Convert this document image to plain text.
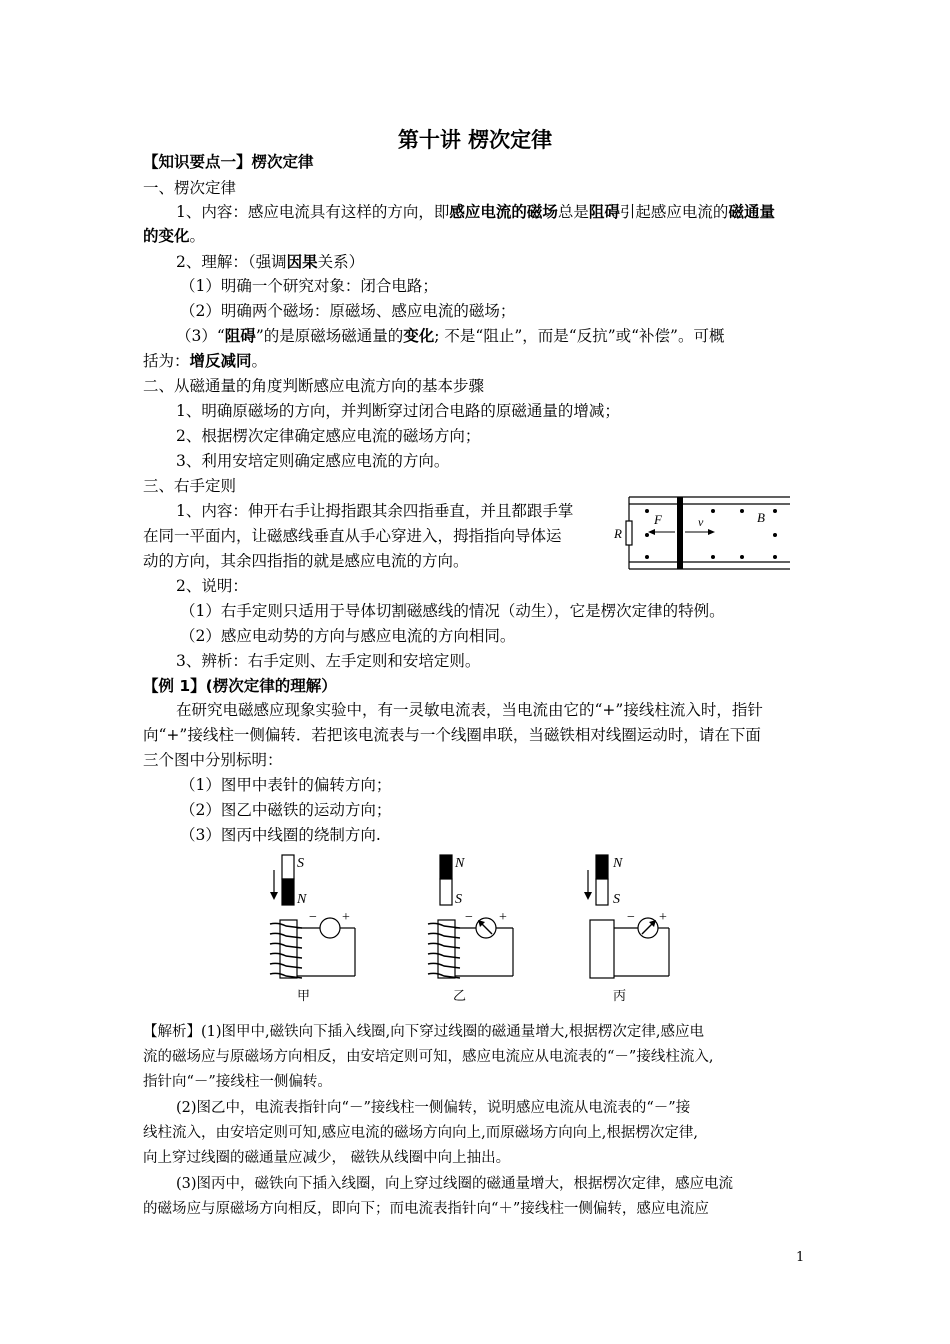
第十讲 楞次定律
【知识要点一】楞次定律
一、楞次定律
1、内容：感应电流具有这样的方向，即感应电流的磁场总是阻碍引起感应电流的磁通量
的变化。
2、理解：（强调因果关系）
（1）明确一个研究对象：闭合电路；
（2）明确两个磁场：原磁场、感应电流的磁场；
（3）“阻碍”的是原磁场磁通量的变化; 不是“阻止”，而是“反抗”或“补偿”。可概
括为：增反减同。
二、从磁通量的角度判断感应电流方向的基本步骤
1、明确原磁场的方向，并判断穿过闭合电路的原磁通量的增减；
2、根据楞次定律确定感应电流的磁场方向；
3、利用安培定则确定感应电流的方向。
三、右手定则
1、内容：伸开右手让拇指跟其余四指垂直，并且都跟手掌
在同一平面内，让磁感线垂直从手心穿进入，拇指指向导体运
动的方向，其余四指指的就是感应电流的方向。
R
F	v	B
2、说明：
（1）右手定则只适用于导体切割磁感线的情况（动生），它是楞次定律的特例。
（2）感应电动势的方向与感应电流的方向相同。
3、辨析：右手定则、左手定则和安培定则。
【例 1】(楞次定律的理解）
在研究电磁感应现象实验中，有一灵敏电流表，当电流由它的“+”接线柱流入时，指针
向“+”接线柱一侧偏转．若把该电流表与一个线圈串联，当磁铁相对线圈运动时，请在下面
三个图中分别标明：
（1）图甲中表针的偏转方向；
（2）图乙中磁铁的运动方向；
（3）图丙中线圈的绕制方向.
S
N
− +
甲
N
S
− +
乙
N
S
− +
丙
【解析】(1)图甲中,磁铁向下插入线圈,向下穿过线圈的磁通量增大,根据楞次定律,感应电
流的磁场应与原磁场方向相反，由安培定则可知，感应电流应从电流表的“－”接线柱流入,
指针向“－”接线柱一侧偏转。
(2)图乙中，电流表指针向“－”接线柱一侧偏转，说明感应电流从电流表的“－”接
线柱流入，由安培定则可知,感应电流的磁场方向向上,而原磁场方向向上,根据楞次定律,
向上穿过线圈的磁通量应减少， 磁铁从线圈中向上抽出。
(3)图丙中，磁铁向下插入线圈，向上穿过线圈的磁通量增大，根据楞次定律，感应电流
的磁场应与原磁场方向相反，即向下；而电流表指针向“＋”接线柱一侧偏转，感应电流应
1
